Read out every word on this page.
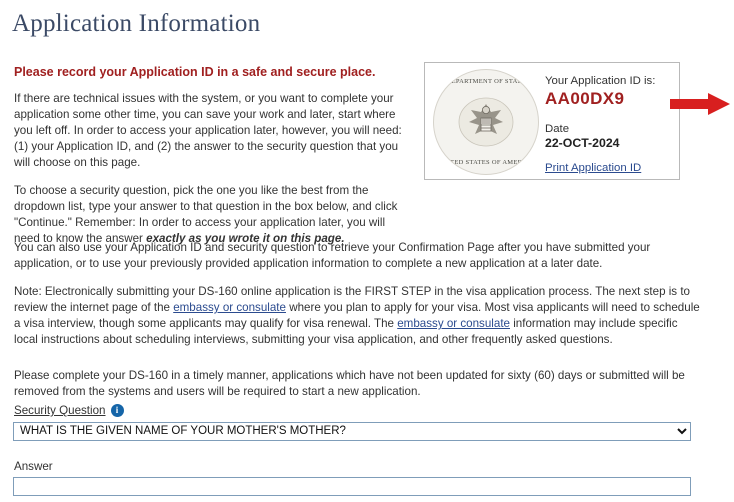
Application Information
Please record your Application ID in a safe and secure place.

If there are technical issues with the system, or you want to complete your application some other time, you can save your work and later, start where you left off. In order to access your application later, however, you will need: (1) your Application ID, and (2) the answer to the security question that you will choose on this page.

To choose a security question, pick the one you like the best from the dropdown list, type your answer to that question in the box below, and click "Continue." Remember: In order to access your application later, you will need to know the answer exactly as you wrote it on this page.

DEPARTMENT OF STATE
UNITED STATES OF AMERICA
Your Application ID is:
AA00DX9
Date
22-OCT-2024
Print Application ID

You can also use your Application ID and security question to retrieve your Confirmation Page after you have submitted your application, or to use your previously provided application information to complete a new application at a later date.

Note: Electronically submitting your DS-160 online application is the FIRST STEP in the visa application process. The next step is to review the internet page of the embassy or consulate where you plan to apply for your visa. Most visa applicants will need to schedule a visa interview, though some applicants may qualify for visa renewal. The embassy or consulate information may include specific local instructions about scheduling interviews, submitting your visa application, and other frequently asked questions.

Please complete your DS-160 in a timely manner, applications which have not been updated for sixty (60) days or submitted will be removed from the systems and users will be required to start a new application.

Security Question	i
WHAT IS THE GIVEN NAME OF YOUR MOTHER'S MOTHER?
Answer
